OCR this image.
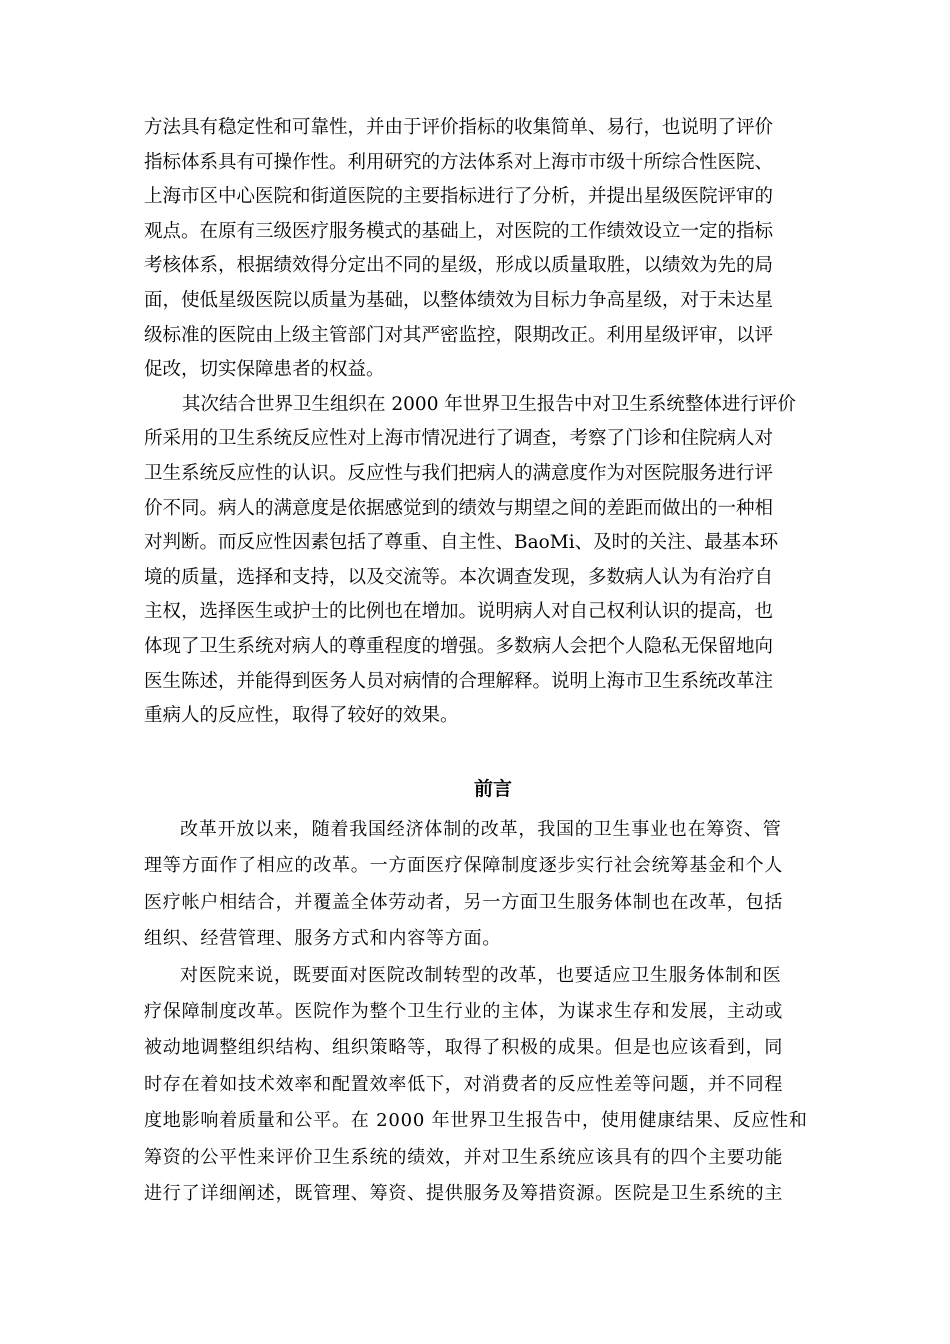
方法具有稳定性和可靠性，并由于评价指标的收集简单、易行，也说明了评价
指标体系具有可操作性。利用研究的方法体系对上海市市级十所综合性医院、
上海市区中心医院和街道医院的主要指标进行了分析，并提出星级医院评审的
观点。在原有三级医疗服务模式的基础上，对医院的工作绩效设立一定的指标
考核体系，根据绩效得分定出不同的星级，形成以质量取胜，以绩效为先的局
面，使低星级医院以质量为基础，以整体绩效为目标力争高星级，对于未达星
级标准的医院由上级主管部门对其严密监控，限期改正。利用星级评审，以评
促改，切实保障患者的权益。
其次结合世界卫生组织在 2000 年世界卫生报告中对卫生系统整体进行评价
所采用的卫生系统反应性对上海市情况进行了调查，考察了门诊和住院病人对
卫生系统反应性的认识。反应性与我们把病人的满意度作为对医院服务进行评
价不同。病人的满意度是依据感觉到的绩效与期望之间的差距而做出的一种相
对判断。而反应性因素包括了尊重、自主性、BaoMi、及时的关注、最基本环
境的质量，选择和支持，以及交流等。本次调查发现，多数病人认为有治疗自
主权，选择医生或护士的比例也在增加。说明病人对自己权利认识的提高，也
体现了卫生系统对病人的尊重程度的增强。多数病人会把个人隐私无保留地向
医生陈述，并能得到医务人员对病情的合理解释。说明上海市卫生系统改革注
重病人的反应性，取得了较好的效果。
前言
改革开放以来，随着我国经济体制的改革，我国的卫生事业也在筹资、管
理等方面作了相应的改革。一方面医疗保障制度逐步实行社会统筹基金和个人
医疗帐户相结合，并覆盖全体劳动者，另一方面卫生服务体制也在改革，包括
组织、经营管理、服务方式和内容等方面。
对医院来说，既要面对医院改制转型的改革，也要适应卫生服务体制和医
疗保障制度改革。医院作为整个卫生行业的主体，为谋求生存和发展，主动或
被动地调整组织结构、组织策略等，取得了积极的成果。但是也应该看到，同
时存在着如技术效率和配置效率低下，对消费者的反应性差等问题，并不同程
度地影响着质量和公平。在 2000 年世界卫生报告中，使用健康结果、反应性和
筹资的公平性来评价卫生系统的绩效，并对卫生系统应该具有的四个主要功能
进行了详细阐述，既管理、筹资、提供服务及筹措资源。医院是卫生系统的主
